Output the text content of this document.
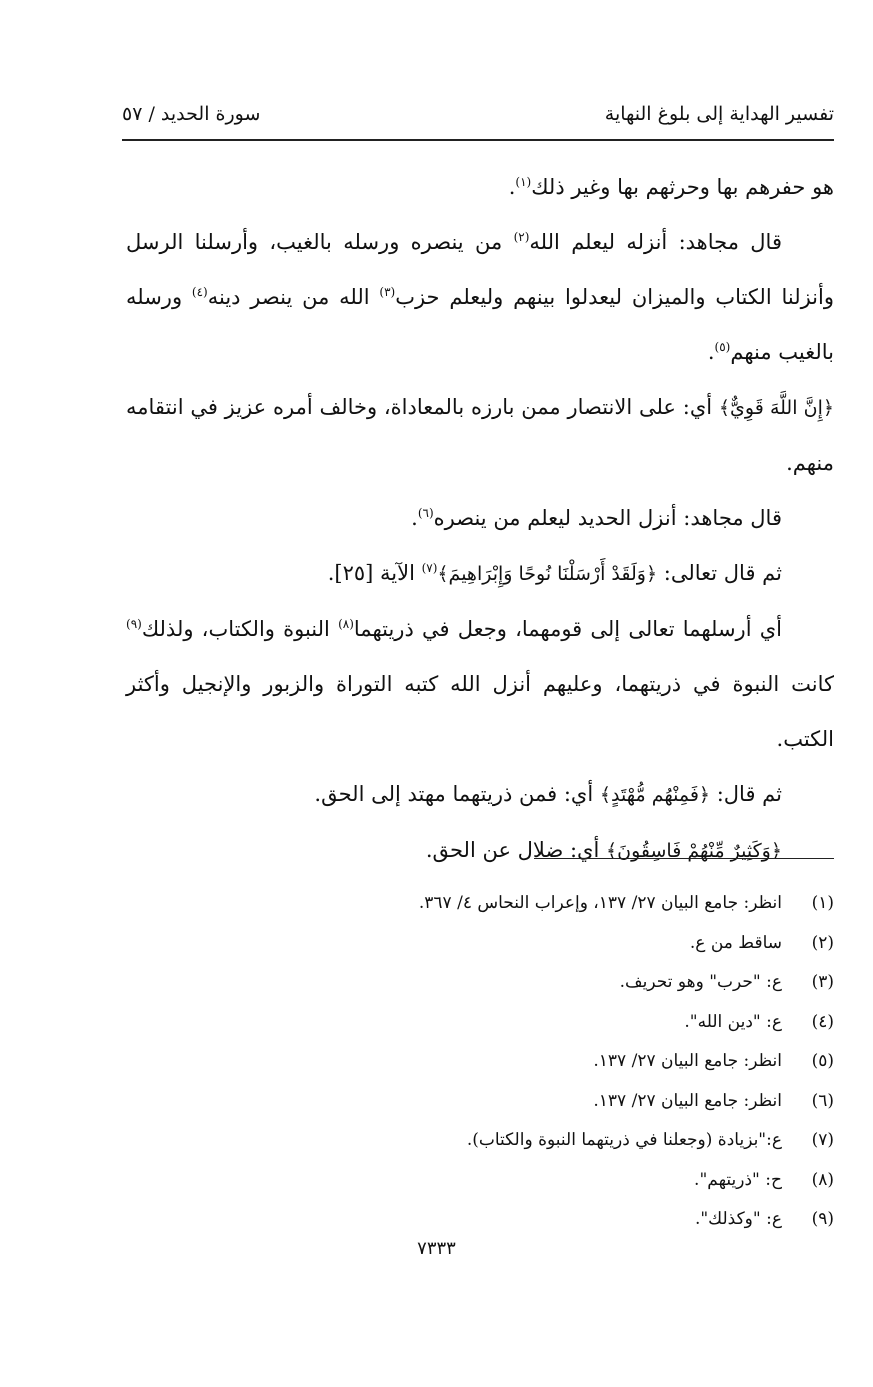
تفسير الهداية إلى بلوغ النهاية
سورة الحديد / ٥٧

هو حفرهم بها وحرثهم بها وغير ذلك$^{(١)}$.

قال مجاهد: أنزله ليعلم الله$^{(٢)}$ من ينصره ورسله بالغيب، وأرسلنا الرسل وأنزلنا الكتاب والميزان ليعدلوا بينهم وليعلم حزب$^{(٣)}$ الله من ينصر دينه$^{(٤)}$ ورسله بالغيب منهم$^{(٥)}$.

﴿إِنَّ اللَّهَ قَوِيٌّ﴾ أي: على الانتصار ممن بارزه بالمعاداة، وخالف أمره عزيز في انتقامه منهم.

قال مجاهد: أنزل الحديد ليعلم من ينصره$^{(٦)}$.

ثم قال تعالى: ﴿وَلَقَدْ أَرْسَلْنَا نُوحًا وَإِبْرَاهِيمَ﴾$^{(٧)}$ الآية [٢٥].

أي أرسلهما تعالى إلى قومهما، وجعل في ذريتهما$^{(٨)}$ النبوة والكتاب، ولذلك$^{(٩)}$ كانت النبوة في ذريتهما، وعليهم أنزل الله كتبه التوراة والزبور والإنجيل وأكثر الكتب.

ثم قال: ﴿فَمِنْهُم مُّهْتَدٍ﴾ أي: فمن ذريتهما مهتد إلى الحق.

﴿وَكَثِيرٌ مِّنْهُمْ فَاسِقُونَ﴾ أي: ضلال عن الحق.

(١)
انظر: جامع البيان ٢٧/ ١٣٧، وإعراب النحاس ٤/ ٣٦٧.
(٢)
ساقط من ع.
(٣)
ع: "حرب" وهو تحريف.
(٤)
ع: "دين الله".
(٥)
انظر: جامع البيان ٢٧/ ١٣٧.
(٦)
انظر: جامع البيان ٢٧/ ١٣٧.
(٧)
ع:"بزيادة (وجعلنا في ذريتهما النبوة والكتاب).
(٨)
ح: "ذريتهم".
(٩)
ع: "وكذلك".
٧٣٣٣
